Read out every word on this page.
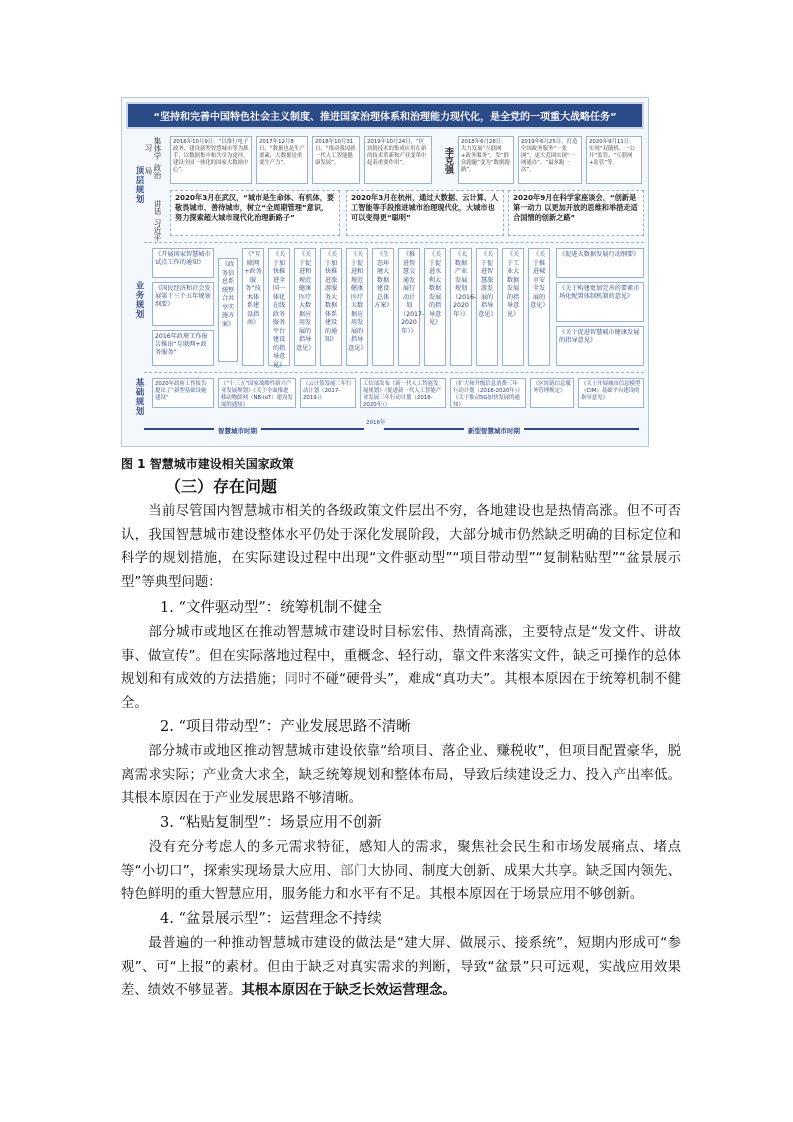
“坚持和完善中国特色社会主义制度、推进国家治理体系和治理能力现代化，是全党的一项重大战略任务”
顶层规划
业务规划
基础规划
集体学习
政治局
讲话
习近平
李克强
2016年10月9日，“以推行电子政务、建设新型智慧城市等为抓手，以数据集中和共享为途径，建设全国一体化的国家大数据中心”。
2017年12月8日，“数据也是生产要素，大数据是重要生产力”。
2018年10月31日，“推动我国新一代人工智能健康发展”。
2019年10月24日，“区块链技术的集成应用在新的技术革新和产业变革中起着重要作用”。
2018年6月28日，大力发展“互联网+政务服务”，发“群众跑腿”变为“数据跑路”。
2019年6月25日，打造全国政务服务“一张网”，更大范围实现“一网通办”、“最多跑一次”。
2020年9月11日，实现“双随机、一公开”监管、“互联网+监管”等。
2020年3月在武汉，“城市是生命体、有机体，要敬畏城市、善待城市，树立“全周期管理”意识，努力探索超大城市现代化治理新路子”
2020年3月在杭州，通过大数据、云计算、人工智能等手段推进城市治理现代化，大城市也可以变得更“聪明”
2020年9月在科学家座谈会，“创新是第一动力 以更加开放的思维和举措走适合国情的创新之路”
《开展国家智慧城市试点工作的通知》
《国民经济和社会发展第十三个五年规划纲要》
2016年政府工作报告推出“互联网+政务服务”
《政务信息系统整合共享实施方案》
《“互联网+政务服务”技术体系建设指南》
《关于加快推进全国一体化在线政务服务平台建设的指导意见》
《关于促进和规范健康医疗大数据应用发展的指导意见》
《关于加快推进旅游服务大数据体系建设的通知》
《关于促进和规范健康医疗大数据应用发展的指导意见》
《生态环境大数据建设总体方案》
《推进智慧交通发展行动计划（2017-2020年）》
《关于促进水利大数据发展的指导意见》
《大数据产业发展规划（2016-2020年）》
《关于促进智慧旅游发展的指导意见》
《关于工业大数据发展的指导意见》
《关于推进城市安全发展的意见》
《促进大数据发展行动纲要》
《关于构建更加完善的要素市场化配置体制机制的意见》
《关于促进智慧城市健康发展的指导意见》
2020年政府工作报告提出了“新型基础设施建设”
《“十三五”国家战略性新兴产业发展规划》《关于全面推进移动物联网（NB-IoT）建设发展的通知》
《云计算发展三年行动计划（2017-2019）》
工信部发布《新一代人工智能发展规划》《促进新一代人工智能产业发展三年行动计划（2018-2020年）》
《扩大和升级信息消费三年行动计划（2018-2020年）》《关于推动5G加快发展的通知》
《区块链信息服务管理规定》
《关于开展城市信息模型（CIM）基础平台建设的指导意见》
智慧城市时期
2016年
新型智慧城市时期
图 1 智慧城市建设相关国家政策
（三）存在问题
当前尽管国内智慧城市相关的各级政策文件层出不穷，各地建设也是热情高涨。但不可否认，我国智慧城市建设整体水平仍处于深化发展阶段，大部分城市仍然缺乏明确的目标定位和科学的规划措施，在实际建设过程中出现“文件驱动型”“项目带动型”“复制粘贴型”“盆景展示型”等典型问题：
1. “文件驱动型”：统筹机制不健全
部分城市或地区在推动智慧城市建设时目标宏伟、热情高涨，主要特点是“发文件、讲故事、做宣传”。但在实际落地过程中，重概念、轻行动，靠文件来落实文件，缺乏可操作的总体规划和有成效的方法措施；同时不碰“硬骨头”，难成“真功夫”。其根本原因在于统筹机制不健全。
2. “项目带动型”：产业发展思路不清晰
部分城市或地区推动智慧城市建设依靠“给项目、落企业、赚税收”，但项目配置豪华，脱离需求实际；产业贪大求全，缺乏统筹规划和整体布局，导致后续建设乏力、投入产出率低。其根本原因在于产业发展思路不够清晰。
3. “粘贴复制型”：场景应用不创新
没有充分考虑人的多元需求特征，感知人的需求，聚焦社会民生和市场发展痛点、堵点等“小切口”，探索实现场景大应用、部门大协同、制度大创新、成果大共享。缺乏国内领先、特色鲜明的重大智慧应用，服务能力和水平有不足。其根本原因在于场景应用不够创新。
4. “盆景展示型”：运营理念不持续
最普遍的一种推动智慧城市建设的做法是“建大屏、做展示、接系统”，短期内形成可“参观”、可“上报”的素材。但由于缺乏对真实需求的判断，导致“盆景”只可远观，实战应用效果差、绩效不够显著。其根本原因在于缺乏长效运营理念。
